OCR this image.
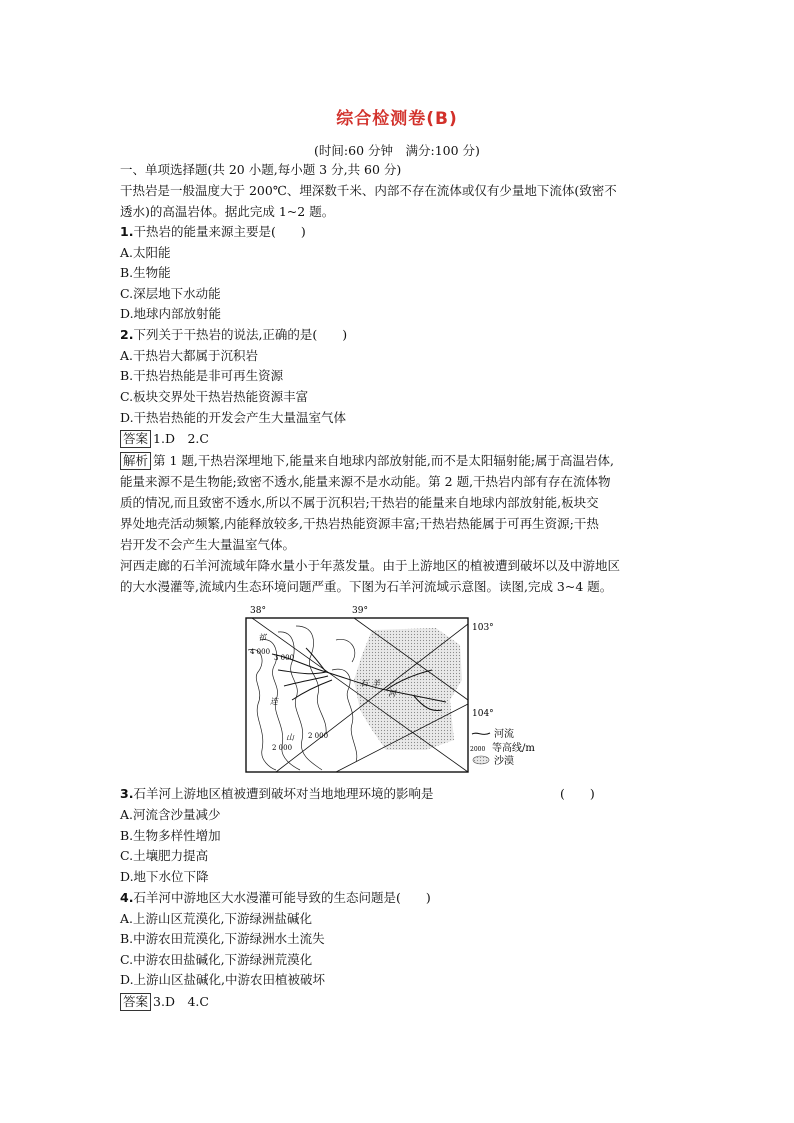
综合检测卷(B)
(时间:60 分钟　满分:100 分)
一、单项选择题(共 20 小题,每小题 3 分,共 60 分)
干热岩是一般温度大于 200℃、埋深数千米、内部不存在流体或仅有少量地下流体(致密不
透水)的高温岩体。据此完成 1~2 题。
1.干热岩的能量来源主要是(　　)
A.太阳能
B.生物能
C.深层地下水动能
D.地球内部放射能
2.下列关于干热岩的说法,正确的是(　　)
A.干热岩大都属于沉积岩
B.干热岩热能是非可再生资源
C.板块交界处干热岩热能资源丰富
D.干热岩热能的开发会产生大量温室气体
答案 1.D　2.C
解析 第 1 题,干热岩深埋地下,能量来自地球内部放射能,而不是太阳辐射能;属于高温岩体,
能量来源不是生物能;致密不透水,能量来源不是水动能。第 2 题,干热岩内部有存在流体物
质的情况,而且致密不透水,所以不属于沉积岩;干热岩的能量来自地球内部放射能,板块交
界处地壳活动频繁,内能释放较多,干热岩热能资源丰富;干热岩热能属于可再生资源;干热
岩开发不会产生大量温室气体。
河西走廊的石羊河流域年降水量小于年蒸发量。由于上游地区的植被遭到破坏以及中游地区
的大水漫灌等,流域内生态环境问题严重。下图为石羊河流域示意图。读图,完成 3~4 题。
38°	39°
103°
104°
祁
连
山
石 羊
河
4 000
2 000
3 000
2 000
河流
2000 等高线/m
沙漠
3.石羊河上游地区植被遭到破坏对当地地理环境的影响是	(　　)
A.河流含沙量减少
B.生物多样性增加
C.土壤肥力提高
D.地下水位下降
4.石羊河中游地区大水漫灌可能导致的生态问题是(　　)
A.上游山区荒漠化,下游绿洲盐碱化
B.中游农田荒漠化,下游绿洲水土流失
C.中游农田盐碱化,下游绿洲荒漠化
D.上游山区盐碱化,中游农田植被破坏
答案 3.D　4.C
